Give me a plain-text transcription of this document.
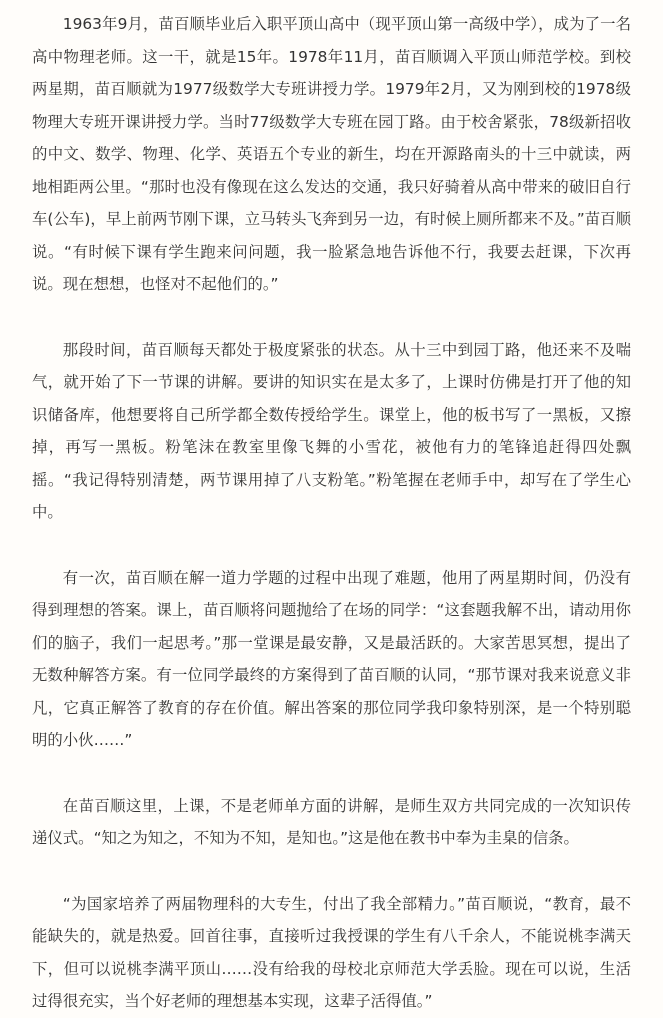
1963年9月，苗百顺毕业后入职平顶山高中（现平顶山第一高级中学），成为了一名高中物理老师。这一干，就是15年。1978年11月，苗百顺调入平顶山师范学校。到校两星期，苗百顺就为1977级数学大专班讲授力学。1979年2月，又为刚到校的1978级物理大专班开课讲授力学。当时77级数学大专班在园丁路。由于校舍紧张，78级新招收的中文、数学、物理、化学、英语五个专业的新生，均在开源路南头的十三中就读，两地相距两公里。“那时也没有像现在这么发达的交通，我只好骑着从高中带来的破旧自行车(公车)，早上前两节刚下课，立马转头飞奔到另一边，有时候上厕所都来不及。”苗百顺说。“有时候下课有学生跑来问问题，我一脸紧急地告诉他不行，我要去赶课，下次再说。现在想想，也怪对不起他们的。”

那段时间，苗百顺每天都处于极度紧张的状态。从十三中到园丁路，他还来不及喘气，就开始了下一节课的讲解。要讲的知识实在是太多了，上课时仿佛是打开了他的知识储备库，他想要将自己所学都全数传授给学生。课堂上，他的板书写了一黑板，又擦掉，再写一黑板。粉笔沫在教室里像飞舞的小雪花，被他有力的笔锋追赶得四处飘摇。“我记得特别清楚，两节课用掉了八支粉笔。”粉笔握在老师手中，却写在了学生心中。

有一次，苗百顺在解一道力学题的过程中出现了难题，他用了两星期时间，仍没有得到理想的答案。课上，苗百顺将问题抛给了在场的同学：“这套题我解不出，请动用你们的脑子，我们一起思考。”那一堂课是最安静，又是最活跃的。大家苦思冥想，提出了无数种解答方案。有一位同学最终的方案得到了苗百顺的认同，“那节课对我来说意义非凡，它真正解答了教育的存在价值。解出答案的那位同学我印象特别深，是一个特别聪明的小伙……”

在苗百顺这里，上课，不是老师单方面的讲解，是师生双方共同完成的一次知识传递仪式。“知之为知之，不知为不知，是知也。”这是他在教书中奉为圭臬的信条。

“为国家培养了两届物理科的大专生，付出了我全部精力。”苗百顺说，“教育，最不能缺失的，就是热爱。回首往事，直接听过我授课的学生有八千余人，不能说桃李满天下，但可以说桃李满平顶山……没有给我的母校北京师范大学丢脸。现在可以说，生活过得很充实，当个好老师的理想基本实现，这辈子活得值。”
